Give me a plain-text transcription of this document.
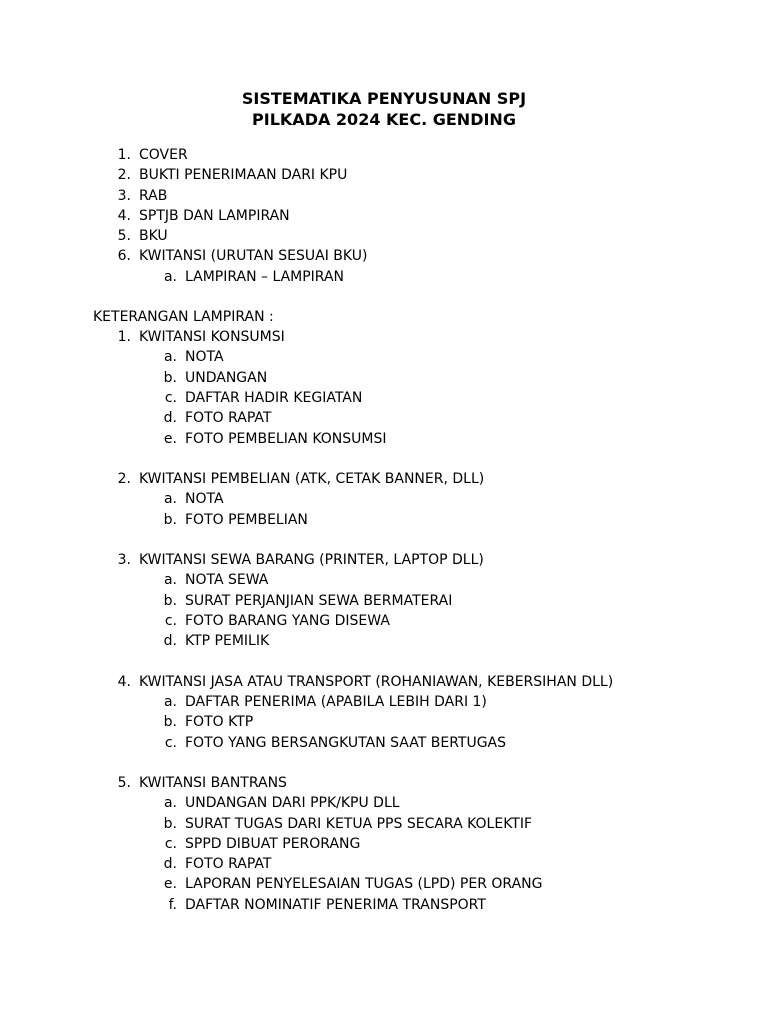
SISTEMATIKA PENYUSUNAN SPJ
PILKADA 2024 KEC. GENDING
1. COVER
2. BUKTI PENERIMAAN DARI KPU
3. RAB
4. SPTJB DAN LAMPIRAN
5. BKU
6. KWITANSI (URUTAN SESUAI BKU)
a. LAMPIRAN – LAMPIRAN
KETERANGAN LAMPIRAN :
1. KWITANSI KONSUMSI
a. NOTA
b. UNDANGAN
c. DAFTAR HADIR KEGIATAN
d. FOTO RAPAT
e. FOTO PEMBELIAN KONSUMSI
2. KWITANSI PEMBELIAN (ATK, CETAK BANNER, DLL)
a. NOTA
b. FOTO PEMBELIAN
3. KWITANSI SEWA BARANG (PRINTER, LAPTOP DLL)
a. NOTA SEWA
b. SURAT PERJANJIAN SEWA BERMATERAI
c. FOTO BARANG YANG DISEWA
d. KTP PEMILIK
4. KWITANSI JASA ATAU TRANSPORT (ROHANIAWAN, KEBERSIHAN DLL)
a. DAFTAR PENERIMA (APABILA LEBIH DARI 1)
b. FOTO KTP
c. FOTO YANG BERSANGKUTAN SAAT BERTUGAS
5. KWITANSI BANTRANS
a. UNDANGAN DARI PPK/KPU DLL
b. SURAT TUGAS DARI KETUA PPS SECARA KOLEKTIF
c. SPPD DIBUAT PERORANG
d. FOTO RAPAT
e. LAPORAN PENYELESAIAN TUGAS (LPD) PER ORANG
f. DAFTAR NOMINATIF PENERIMA TRANSPORT
